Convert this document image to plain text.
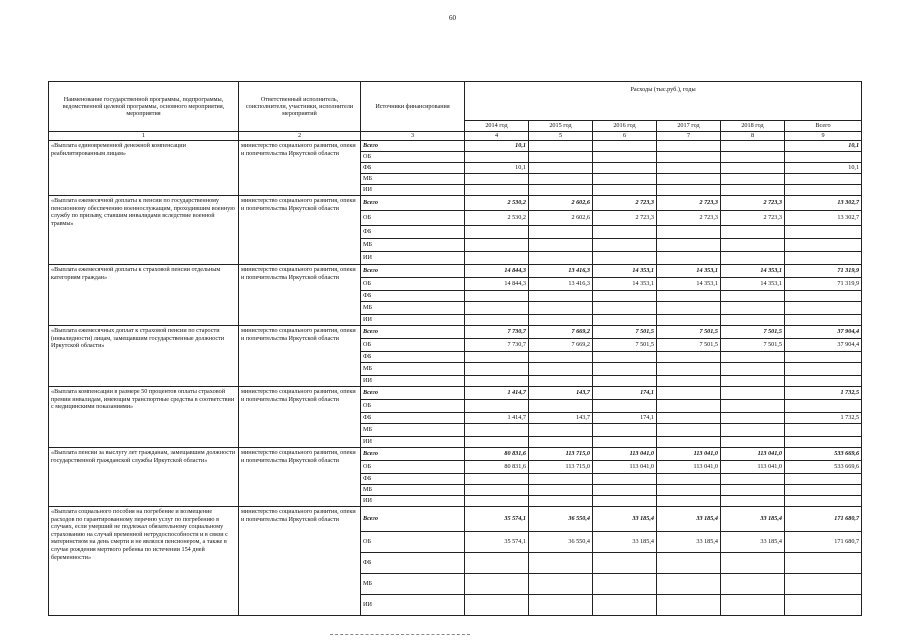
60
Наименование государственной программы, подпрограммы, ведомственной целевой программы, основного мероприятия, мероприятия	Ответственный исполнитель, соисполнители, участники, исполнители мероприятий	Источники финансирования	Расходы (тыс.руб.), годы					
			2014 год	2015 год	2016 год	2017 год	2018 год	Всего
1	2	3	4	5	6	7	8	9
«Выплата единовременной денежной компенсации реабилитированным лицам»	министерство социального развития, опеки и попечительства Иркутской области	Всего	10,1					10,1
		ОБ						
		ФБ	10,1					10,1
		МБ						
		ИИ						
«Выплата ежемесячной доплаты к пенсии по государственному пенсионному обеспечению военнослужащим, проходившим военную службу по призыву, ставшим инвалидами вследствие военной травмы»	министерство социального развития, опеки и попечительства Иркутской области	Всего	2 530,2	2 602,6	2 723,3	2 723,3	2 723,3	13 302,7
		ОБ	2 530,2	2 602,6	2 723,3	2 723,3	2 723,3	13 302,7
		ФБ						
		МБ						
		ИИ						
«Выплата ежемесячной доплаты к страховой пенсии отдельным категориям граждан»	министерство социального развития, опеки и попечительства Иркутской области	Всего	14 844,3	13 416,3	14 353,1	14 353,1	14 353,1	71 319,9
		ОБ	14 844,3	13 416,3	14 353,1	14 353,1	14 353,1	71 319,9
		ФБ						
		МБ						
		ИИ						
«Выплата ежемесячных доплат к страховой пенсии по старости (инвалидности) лицам, замещавшим государственные должности Иркутской области»	министерство социального развития, опеки и попечительства Иркутской области	Всего	7 730,7	7 669,2	7 501,5	7 501,5	7 501,5	37 904,4
		ОБ	7 730,7	7 669,2	7 501,5	7 501,5	7 501,5	37 904,4
		ФБ						
		МБ						
		ИИ						
«Выплата компенсации в размере 50 процентов оплаты страховой премии инвалидам, имеющим транспортные средства в соответствии с медицинскими показаниями»	министерство социального развития, опеки и попечительства Иркутской области	Всего	1 414,7	143,7	174,1			1 732,5
		ОБ						
		ФБ	1 414,7	143,7	174,1			1 732,5
		МБ						
		ИИ						
«Выплата пенсии за выслугу лет гражданам, замещавшим должности государственной гражданской службы Иркутской области»	министерство социального развития, опеки и попечительства Иркутской области	Всего	80 831,6	113 715,0	113 041,0	113 041,0	113 041,0	533 669,6
		ОБ	80 831,6	113 715,0	113 041,0	113 041,0	113 041,0	533 669,6
		ФБ						
		МБ						
		ИИ						
«Выплата социального пособия на погребение и возмещение расходов по гарантированному перечню услуг по погребению в случаях, если умерший не подлежал обязательному социальному страхованию на случай временной нетрудоспособности и в связи с материнством на день смерти и не являлся пенсионером, а также в случае рождения мертвого ребенка по истечении 154 дней беременности»	министерство социального развития, опеки и попечительства Иркутской области	Всего	35 574,1	36 550,4	33 185,4	33 185,4	33 185,4	171 680,7
		ОБ	35 574,1	36 550,4	33 185,4	33 185,4	33 185,4	171 680,7
		ФБ						
		МБ						
		ИИ						
